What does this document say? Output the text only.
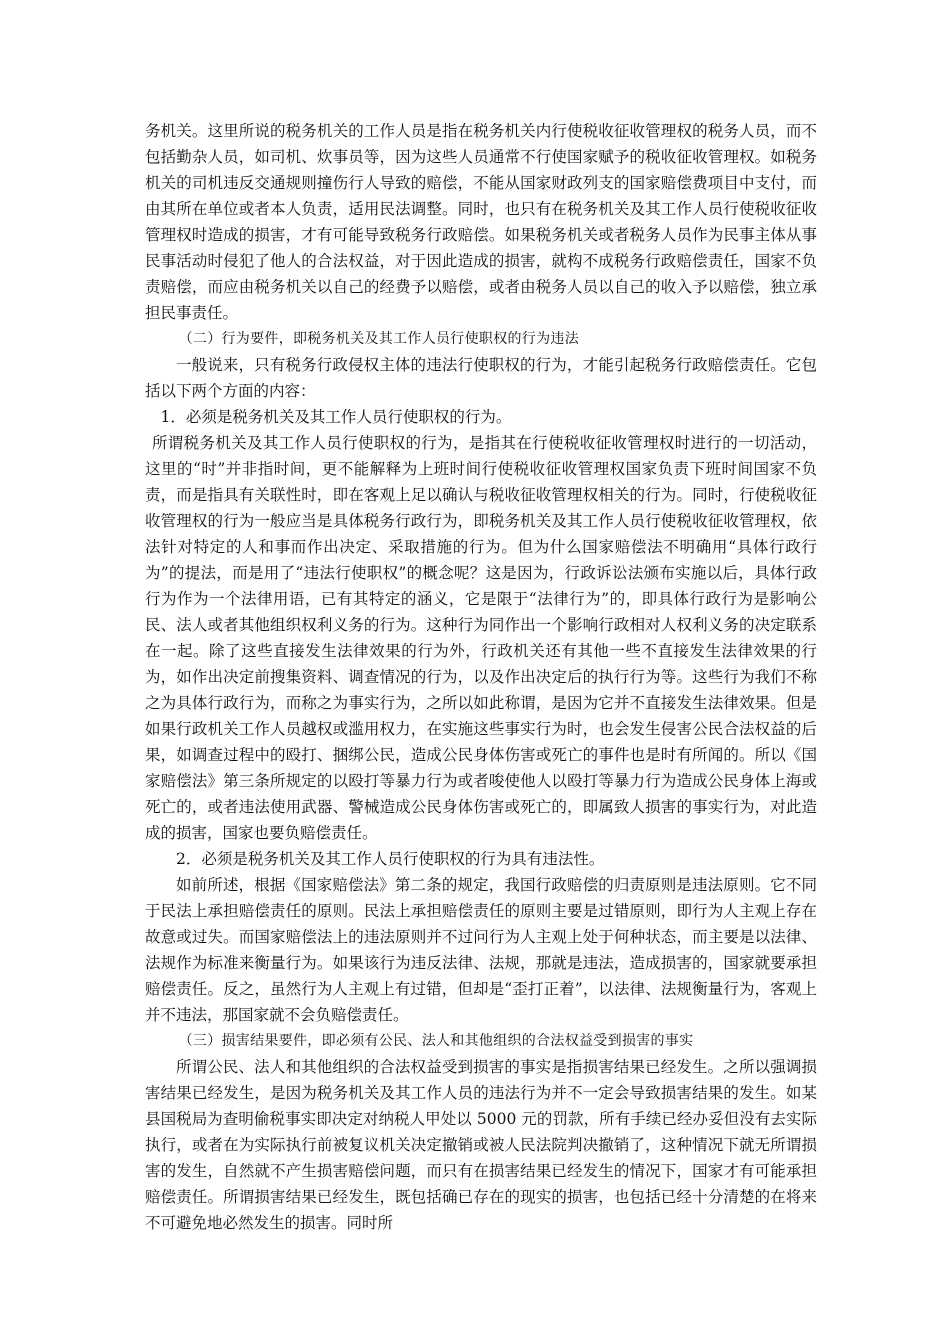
务机关。这里所说的税务机关的工作人员是指在税务机关内行使税收征收管理权的税务人员，而不包括勤杂人员，如司机、炊事员等，因为这些人员通常不行使国家赋予的税收征收管理权。如税务机关的司机违反交通规则撞伤行人导致的赔偿，不能从国家财政列支的国家赔偿费项目中支付，而由其所在单位或者本人负责，适用民法调整。同时，也只有在税务机关及其工作人员行使税收征收管理权时造成的损害，才有可能导致税务行政赔偿。如果税务机关或者税务人员作为民事主体从事民事活动时侵犯了他人的合法权益，对于因此造成的损害，就构不成税务行政赔偿责任，国家不负责赔偿，而应由税务机关以自己的经费予以赔偿，或者由税务人员以自己的收入予以赔偿，独立承担民事责任。

（二）行为要件，即税务机关及其工作人员行使职权的行为违法

一般说来，只有税务行政侵权主体的违法行使职权的行为，才能引起税务行政赔偿责任。它包括以下两个方面的内容：

1．必须是税务机关及其工作人员行使职权的行为。

所谓税务机关及其工作人员行使职权的行为，是指其在行使税收征收管理权时进行的一切活动，这里的“时”并非指时间，更不能解释为上班时间行使税收征收管理权国家负责下班时间国家不负责，而是指具有关联性时，即在客观上足以确认与税收征收管理权相关的行为。同时，行使税收征收管理权的行为一般应当是具体税务行政行为，即税务机关及其工作人员行使税收征收管理权，依法针对特定的人和事而作出决定、采取措施的行为。但为什么国家赔偿法不明确用“具体行政行为”的提法，而是用了“违法行使职权”的概念呢？这是因为，行政诉讼法颁布实施以后，具体行政行为作为一个法律用语，已有其特定的涵义，它是限于“法律行为”的，即具体行政行为是影响公民、法人或者其他组织权利义务的行为。这种行为同作出一个影响行政相对人权利义务的决定联系在一起。除了这些直接发生法律效果的行为外，行政机关还有其他一些不直接发生法律效果的行为，如作出决定前搜集资料、调查情况的行为，以及作出决定后的执行行为等。这些行为我们不称之为具体行政行为，而称之为事实行为，之所以如此称谓，是因为它并不直接发生法律效果。但是如果行政机关工作人员越权或滥用权力，在实施这些事实行为时，也会发生侵害公民合法权益的后果，如调查过程中的殴打、捆绑公民，造成公民身体伤害或死亡的事件也是时有所闻的。所以《国家赔偿法》第三条所规定的以殴打等暴力行为或者唆使他人以殴打等暴力行为造成公民身体上海或死亡的，或者违法使用武器、警械造成公民身体伤害或死亡的，即属致人损害的事实行为，对此造成的损害，国家也要负赔偿责任。

2．必须是税务机关及其工作人员行使职权的行为具有违法性。

如前所述，根据《国家赔偿法》第二条的规定，我国行政赔偿的归责原则是违法原则。它不同于民法上承担赔偿责任的原则。民法上承担赔偿责任的原则主要是过错原则，即行为人主观上存在故意或过失。而国家赔偿法上的违法原则并不过问行为人主观上处于何种状态，而主要是以法律、法规作为标准来衡量行为。如果该行为违反法律、法规，那就是违法，造成损害的，国家就要承担赔偿责任。反之，虽然行为人主观上有过错，但却是“歪打正着”，以法律、法规衡量行为，客观上并不违法，那国家就不会负赔偿责任。

（三）损害结果要件，即必须有公民、法人和其他组织的合法权益受到损害的事实

所谓公民、法人和其他组织的合法权益受到损害的事实是指损害结果已经发生。之所以强调损害结果已经发生，是因为税务机关及其工作人员的违法行为并不一定会导致损害结果的发生。如某县国税局为查明偷税事实即决定对纳税人甲处以 5000 元的罚款，所有手续已经办妥但没有去实际执行，或者在为实际执行前被复议机关决定撤销或被人民法院判决撤销了，这种情况下就无所谓损害的发生，自然就不产生损害赔偿问题，而只有在损害结果已经发生的情况下，国家才有可能承担赔偿责任。所谓损害结果已经发生，既包括确已存在的现实的损害，也包括已经十分清楚的在将来不可避免地必然发生的损害。同时所
